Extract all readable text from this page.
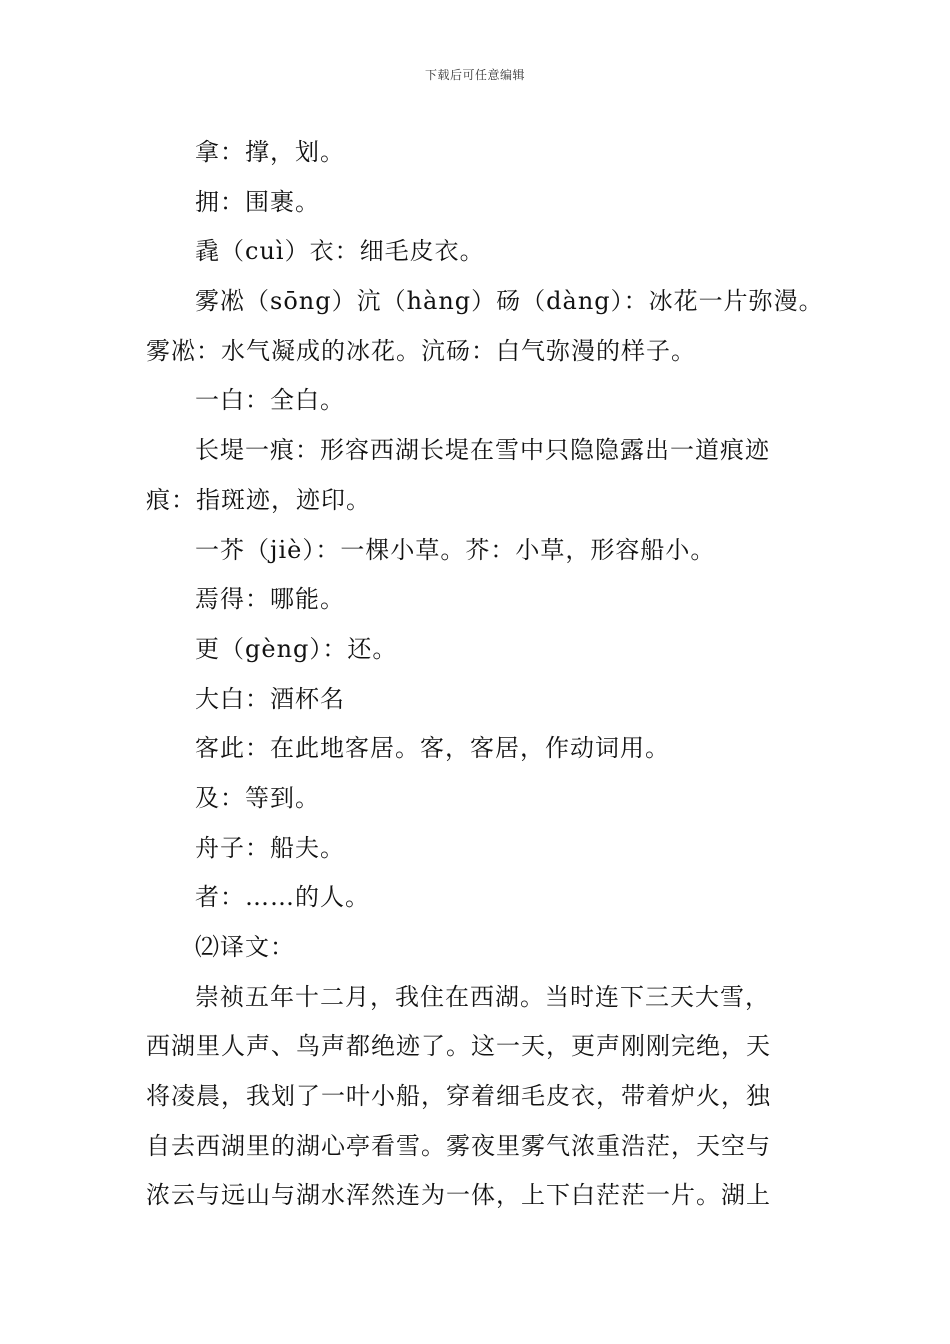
下载后可任意编辑
拿：撑，划。
拥：围裹。
毳（cuì）衣：细毛皮衣。
雾凇（sōng）沆（hàng）砀（dàng）：冰花一片弥漫。
雾凇：水气凝成的冰花。沆砀：白气弥漫的样子。
一白：全白。
长堤一痕：形容西湖长堤在雪中只隐隐露出一道痕迹
痕：指斑迹，迹印。
一芥（jiè）：一棵小草。芥：小草，形容船小。
焉得：哪能。
更（gèng）：还。
大白：酒杯名
客此：在此地客居。客，客居，作动词用。
及：等到。
舟子：船夫。
者：……的人。
⑵译文：
崇祯五年十二月，我住在西湖。当时连下三天大雪，
西湖里人声、鸟声都绝迹了。这一天，更声刚刚完绝，天
将凌晨，我划了一叶小船，穿着细毛皮衣，带着炉火，独
自去西湖里的湖心亭看雪。雾夜里雾气浓重浩茫，天空与
浓云与远山与湖水浑然连为一体，上下白茫茫一片。湖上
